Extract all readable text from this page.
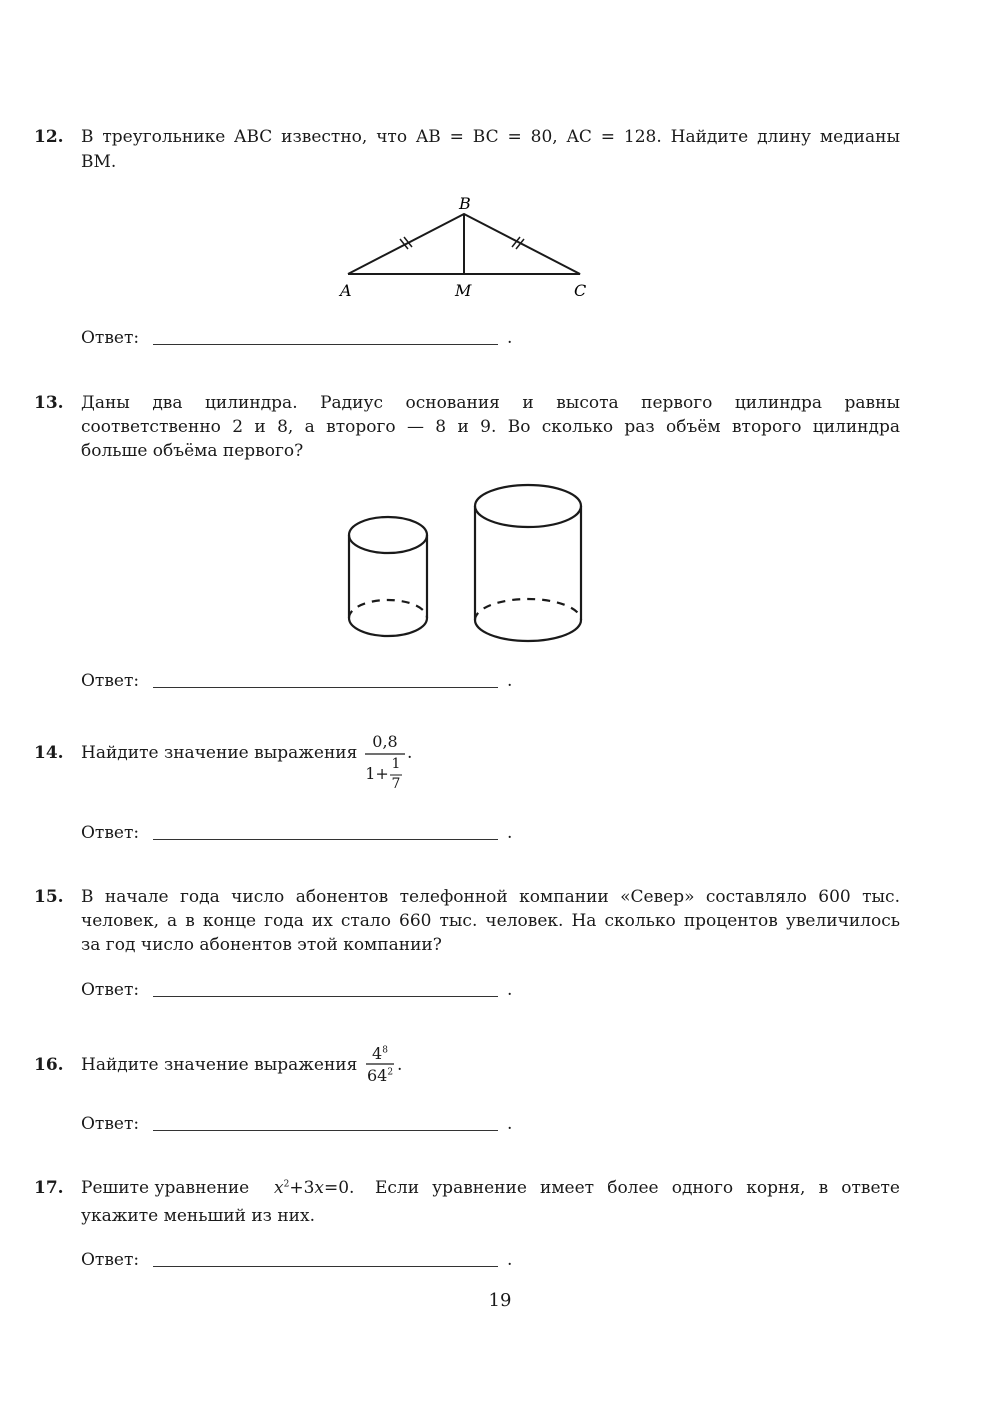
12. В треугольнике ABC известно, что AB = BC = 80, AC = 128. Найдите длину медианы
BM.
A
B
C
M
Ответ:	.
13. Даны два цилиндра. Радиус основания и высота первого цилиндра равны
соответственно 2 и 8, а второго — 8 и 9. Во сколько раз объём второго цилиндра
больше объёма первого?
Ответ:	.
14. Найдите значение выражения
0,8
1+ 1
7
.
Ответ:	.
15. В начале года число абонентов телефонной компании «Север» составляло 600 тыс.
человек, а в конце года их стало 660 тыс. человек. На сколько процентов увеличилось
за год число абонентов этой компании?
Ответ:	.
16. Найдите значение выражения
$4^8$
$64^2$ .
Ответ:	.
17. Решите уравнение $x^2+3x=0$. Если уравнение имеет более одного корня, в ответе
укажите меньший из них.
Ответ:	.
19
